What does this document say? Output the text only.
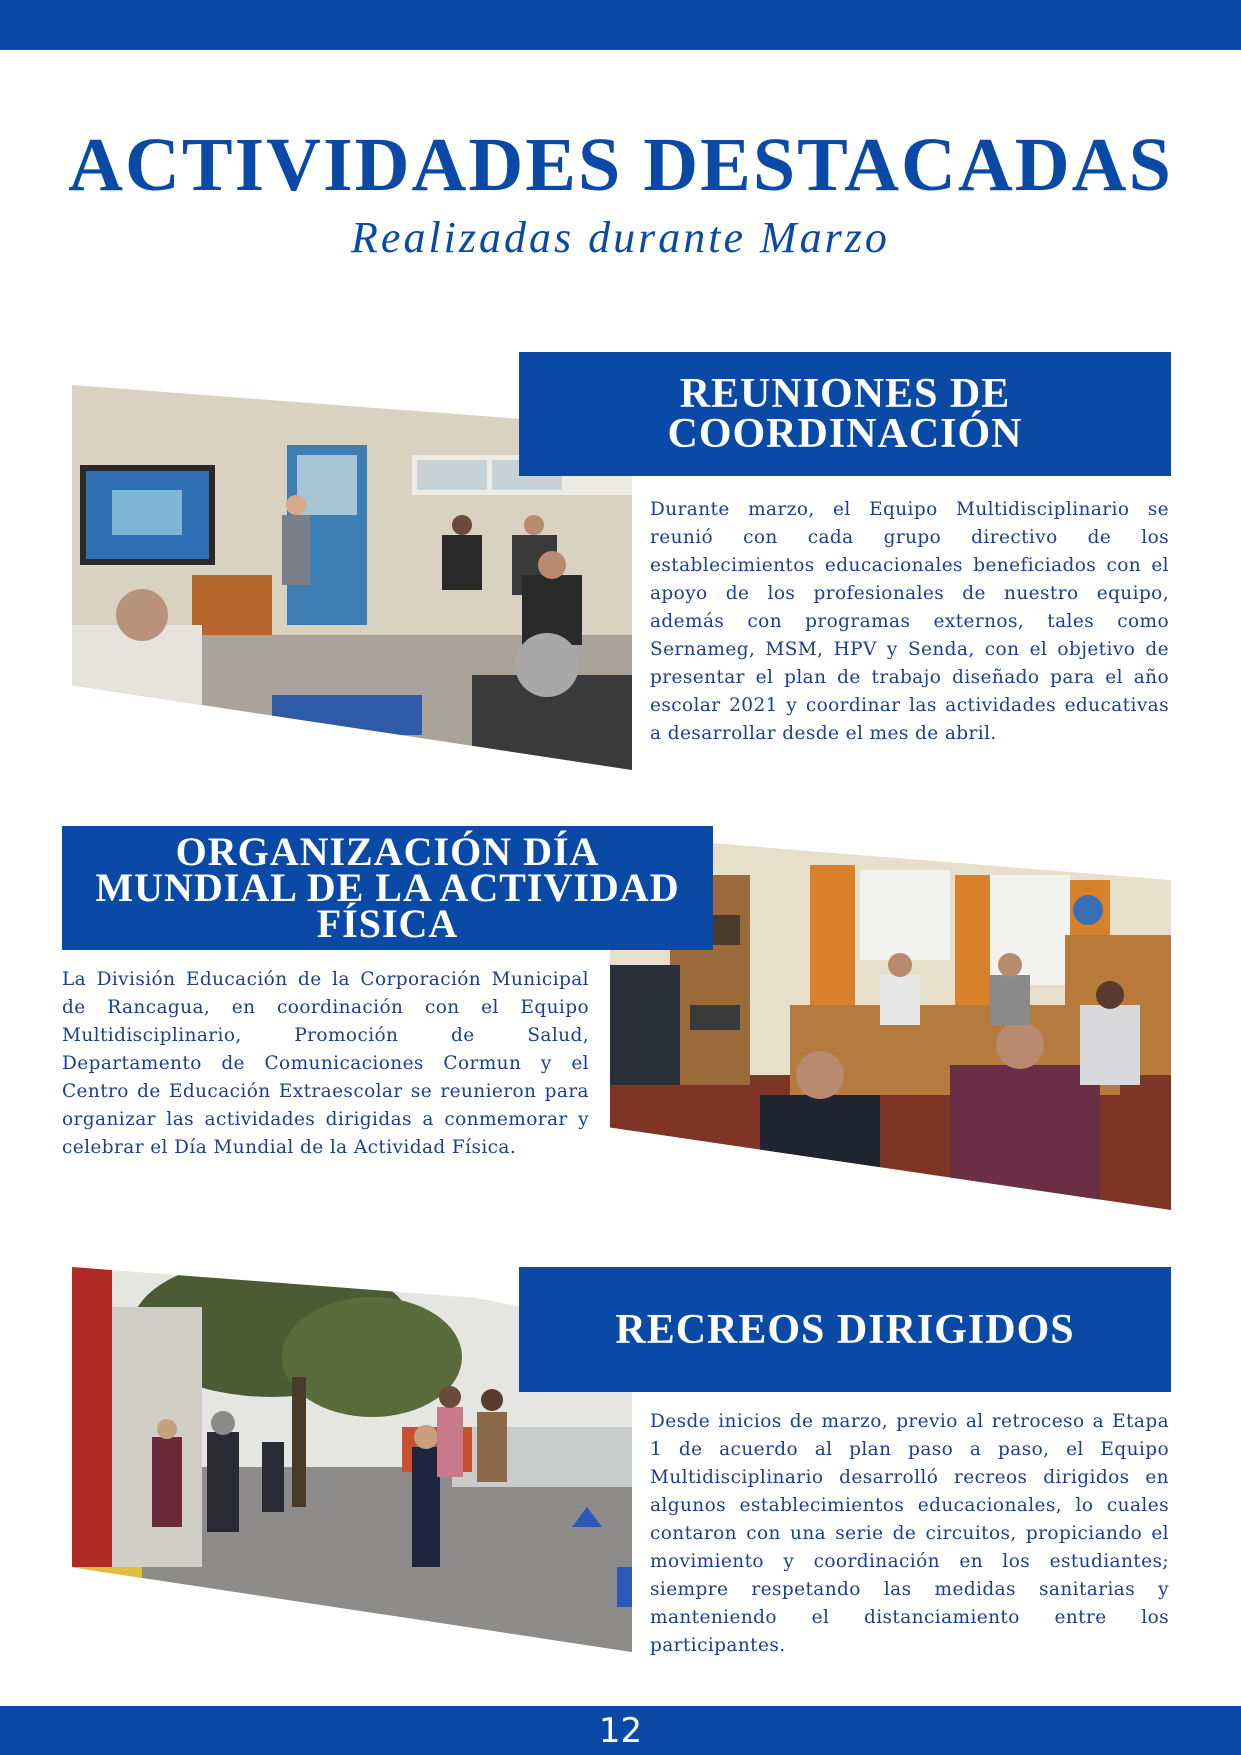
ACTIVIDADES DESTACADAS
Realizadas durante Marzo
REUNIONES DE COORDINACIÓN
Durante marzo, el Equipo Multidisciplinario se reunió con cada grupo directivo de los establecimientos educacionales beneficiados con el apoyo de los profesionales de nuestro equipo, además con programas externos, tales como Sernameg, MSM, HPV y Senda, con el objetivo de presentar el plan de trabajo diseñado para el año escolar 2021 y coordinar las actividades educativas a desarrollar desde el mes de abril.
ORGANIZACIÓN DÍA MUNDIAL DE LA ACTIVIDAD FÍSICA
La División Educación de la Corporación Municipal de Rancagua, en coordinación con el Equipo Multidisciplinario, Promoción de Salud, Departamento de Comunicaciones Cormun y el Centro de Educación Extraescolar se reunieron para organizar las actividades dirigidas a conmemorar y celebrar el Día Mundial de la Actividad Física.
RECREOS DIRIGIDOS
Desde inicios de marzo, previo al retroceso a Etapa 1 de acuerdo al plan paso a paso, el Equipo Multidisciplinario desarrolló recreos dirigidos en algunos establecimientos educacionales, lo cuales contaron con una serie de circuitos, propiciando el movimiento y coordinación en los estudiantes; siempre respetando las medidas sanitarias y manteniendo el distanciamiento entre los participantes.
12
